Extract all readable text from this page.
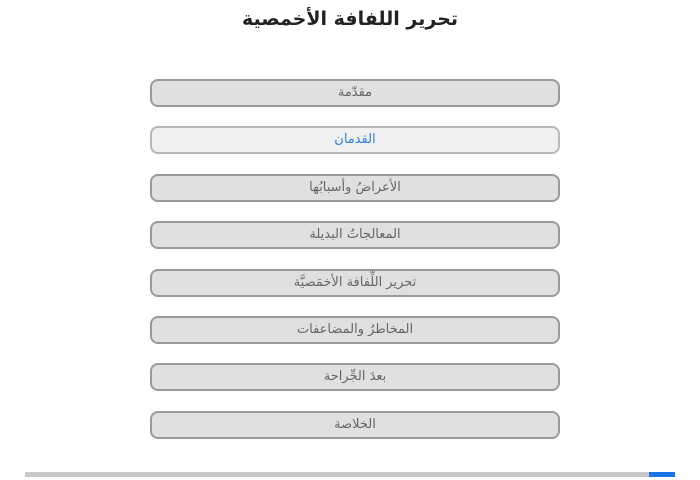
تحرير اللفافة الأخمصية
مقدّمة
القدمان
الأعراضُ وأسبابُها
المعالجاتُ البديلة
تحرير اللِّفافة الأخمَصيَّة
المخاطرُ والمضاعفات
بعدَ الجِّراحة
الخلاصة
